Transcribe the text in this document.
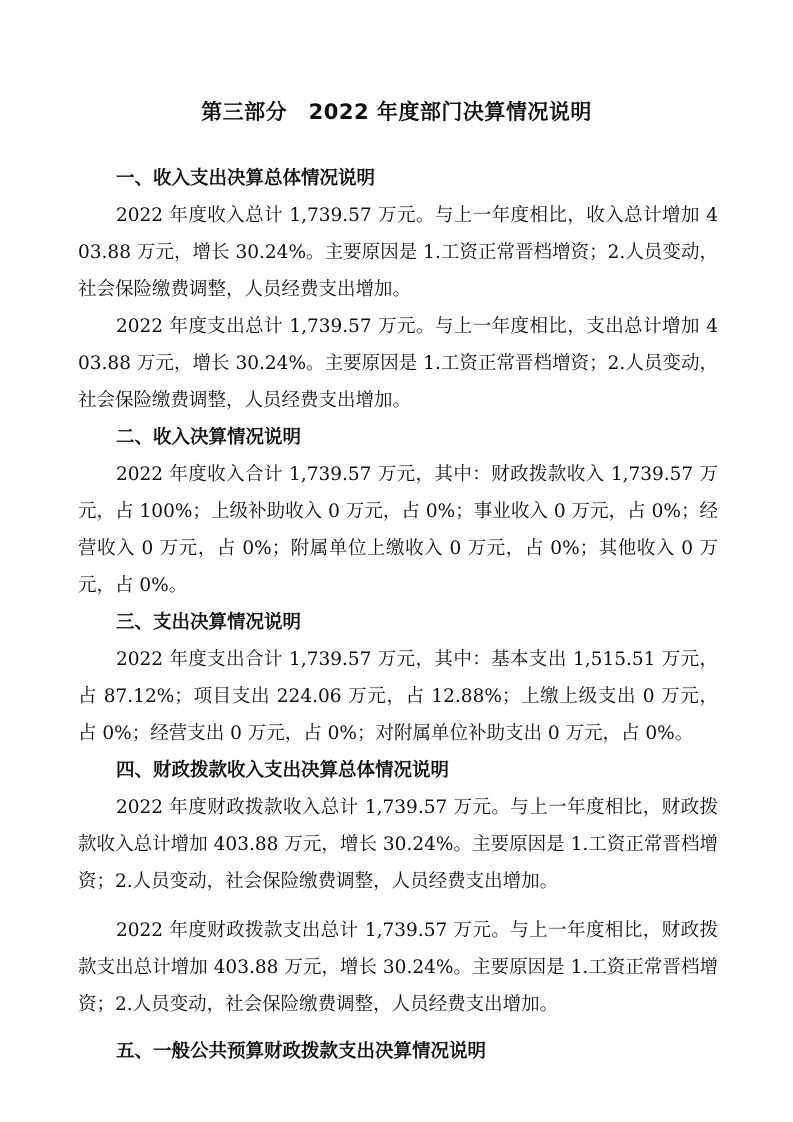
第三部分　2022 年度部门决算情况说明

一、收入支出决算总体情况说明

2022 年度收入总计 1,739.57 万元。与上一年度相比，收入总计增加 403.88 万元，增长 30.24%。主要原因是 1.工资正常晋档增资；2.人员变动，社会保险缴费调整，人员经费支出增加。

2022 年度支出总计 1,739.57 万元。与上一年度相比，支出总计增加 403.88 万元，增长 30.24%。主要原因是 1.工资正常晋档增资；2.人员变动，社会保险缴费调整，人员经费支出增加。

二、收入决算情况说明

2022 年度收入合计 1,739.57 万元，其中：财政拨款收入 1,739.57 万元，占 100%；上级补助收入 0 万元，占 0%；事业收入 0 万元，占 0%；经营收入 0 万元，占 0%；附属单位上缴收入 0 万元，占 0%；其他收入 0 万元，占 0%。

三、支出决算情况说明

2022 年度支出合计 1,739.57 万元，其中：基本支出 1,515.51 万元，占 87.12%；项目支出 224.06 万元，占 12.88%；上缴上级支出 0 万元，占 0%；经营支出 0 万元，占 0%；对附属单位补助支出 0 万元，占 0%。

四、财政拨款收入支出决算总体情况说明

2022 年度财政拨款收入总计 1,739.57 万元。与上一年度相比，财政拨款收入总计增加 403.88 万元，增长 30.24%。主要原因是 1.工资正常晋档增资；2.人员变动，社会保险缴费调整，人员经费支出增加。

2022 年度财政拨款支出总计 1,739.57 万元。与上一年度相比，财政拨款支出总计增加 403.88 万元，增长 30.24%。主要原因是 1.工资正常晋档增资；2.人员变动，社会保险缴费调整，人员经费支出增加。

五、一般公共预算财政拨款支出决算情况说明
